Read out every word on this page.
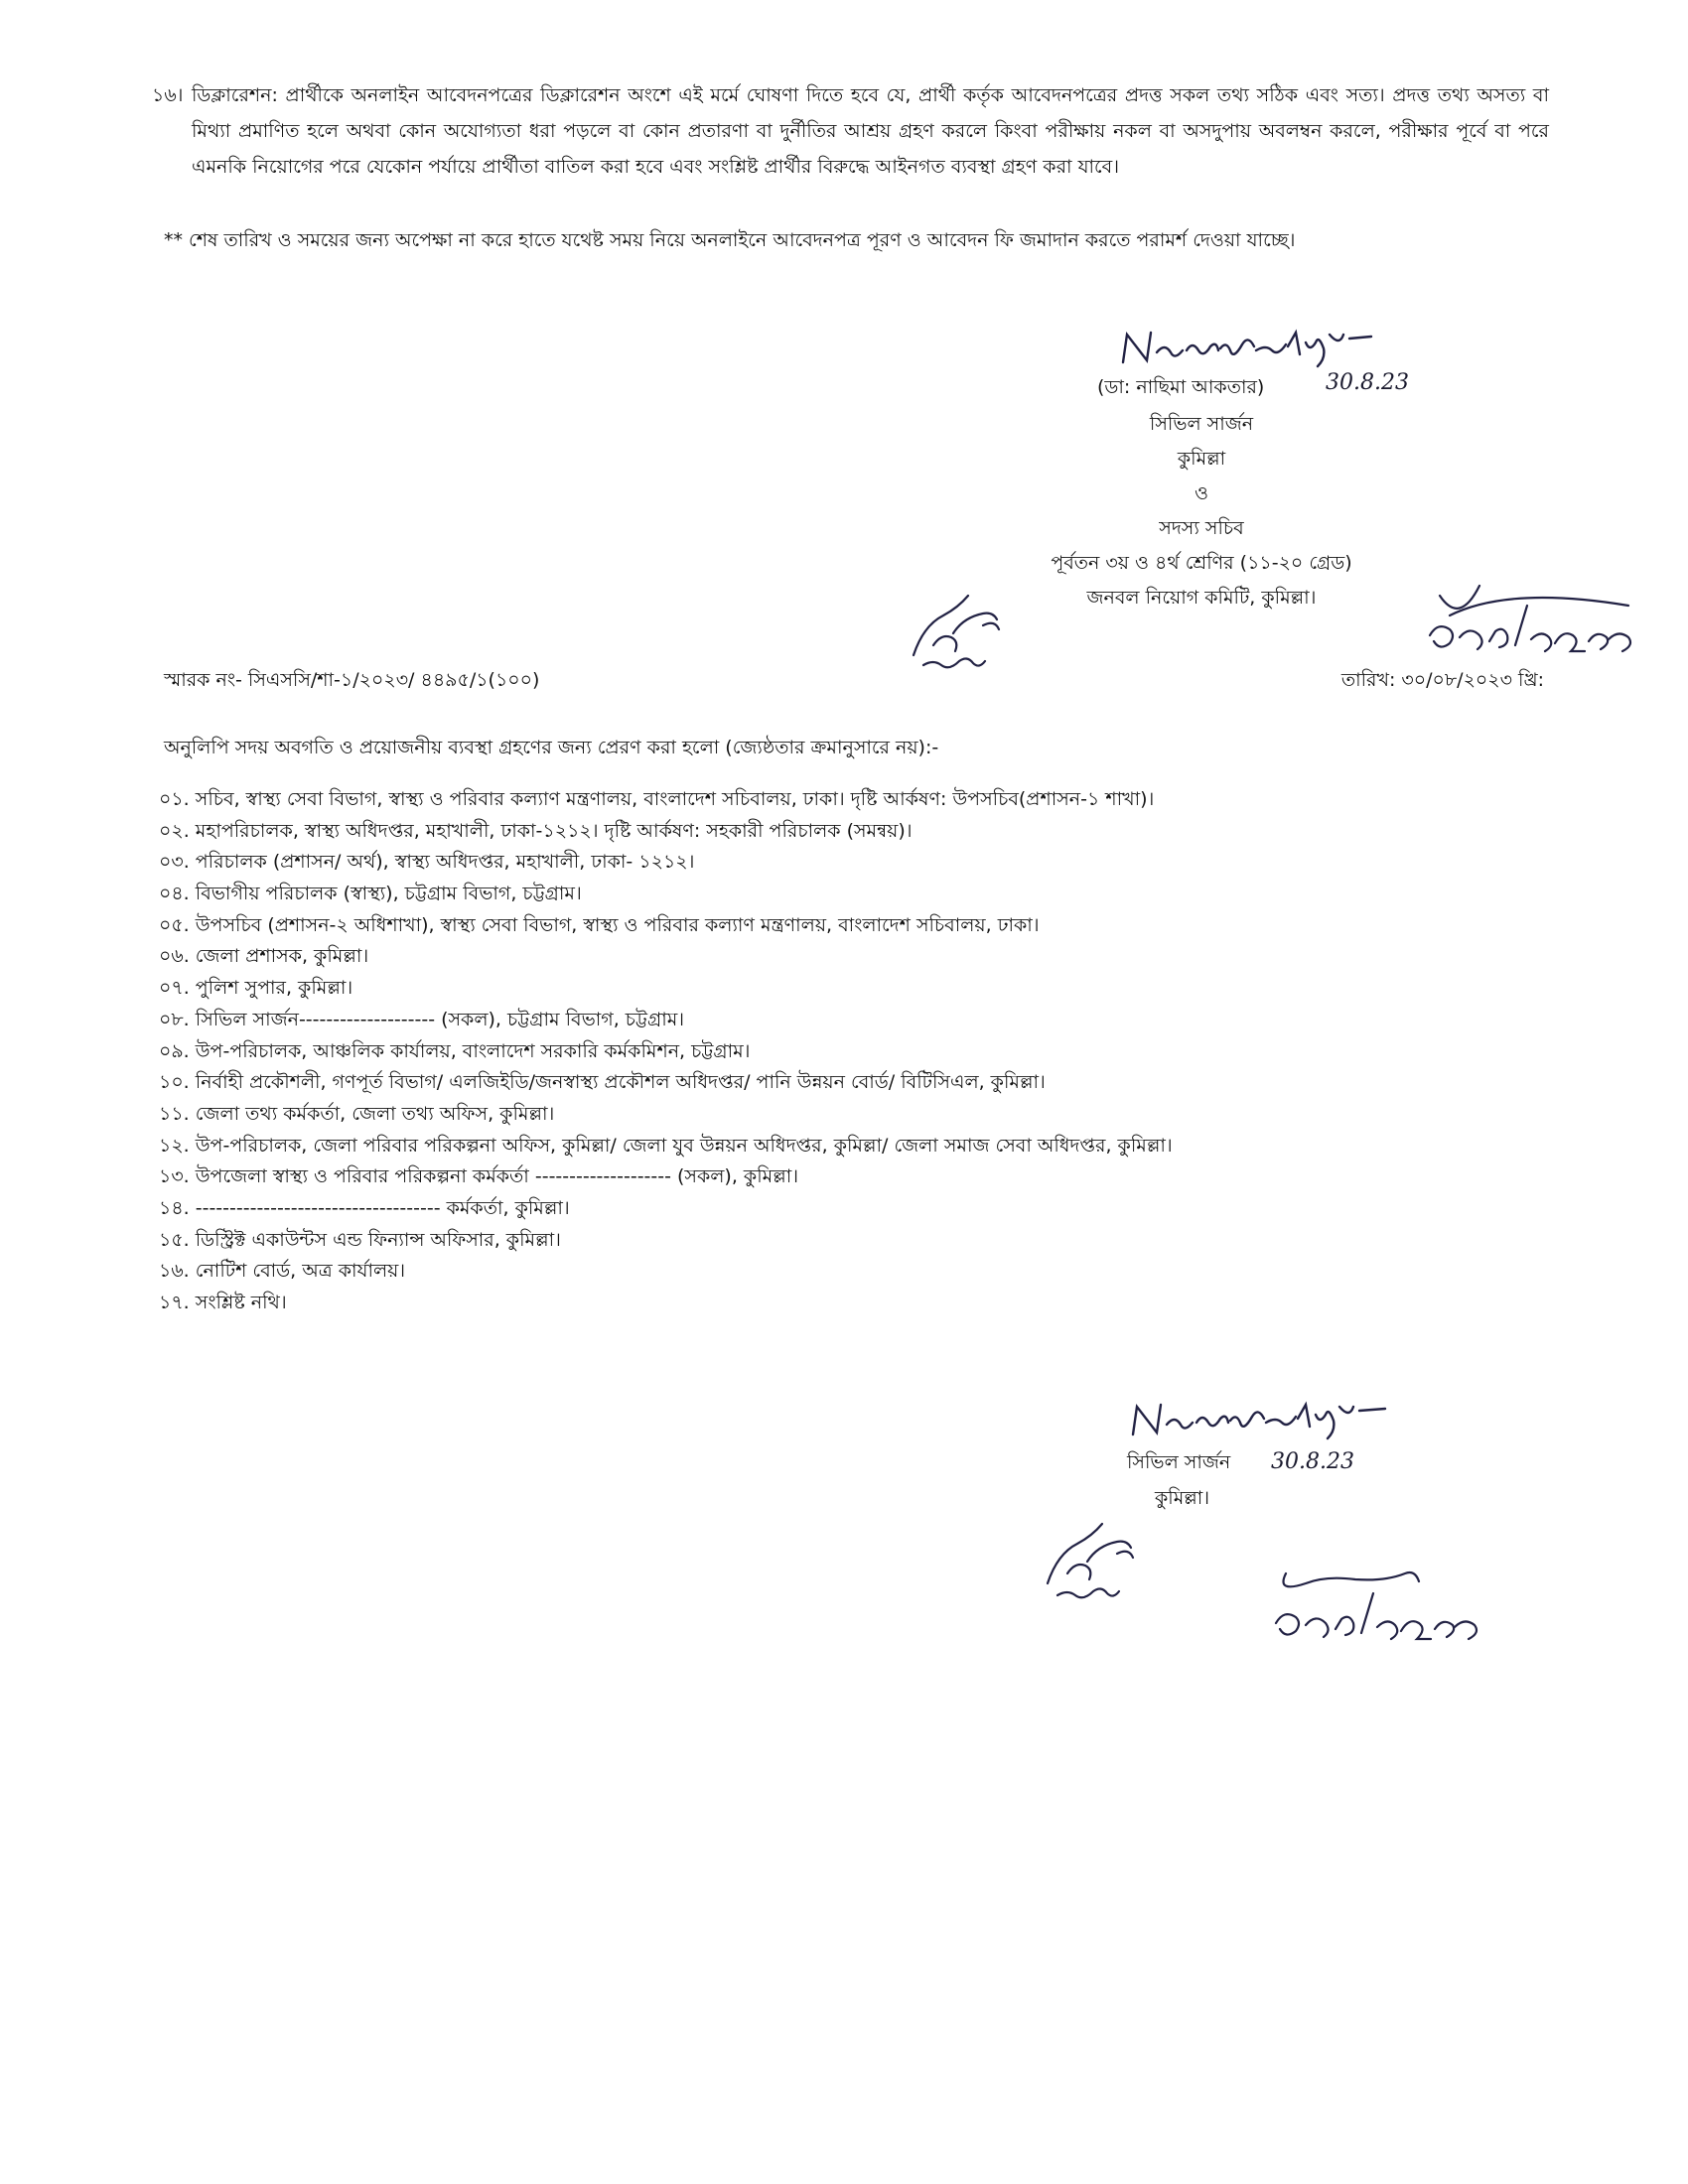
১৬। ডিক্লারেশন: প্রার্থীকে অনলাইন আবেদনপত্রের ডিক্লারেশন অংশে এই মর্মে ঘোষণা দিতে হবে যে, প্রার্থী কর্তৃক আবেদনপত্রের প্রদত্ত সকল তথ্য সঠিক এবং সত্য। প্রদত্ত তথ্য অসত্য বা মিথ্যা প্রমাণিত হলে অথবা কোন অযোগ্যতা ধরা পড়লে বা কোন প্রতারণা বা দুর্নীতির আশ্রয় গ্রহণ করলে কিংবা পরীক্ষায় নকল বা অসদুপায় অবলম্বন করলে, পরীক্ষার পূর্বে বা পরে এমনকি নিয়োগের পরে যেকোন পর্যায়ে প্রার্থীতা বাতিল করা হবে এবং সংশ্লিষ্ট প্রার্থীর বিরুদ্ধে আইনগত ব্যবস্থা গ্রহণ করা যাবে।

** শেষ তারিখ ও সময়ের জন্য অপেক্ষা না করে হাতে যথেষ্ট সময় নিয়ে অনলাইনে আবেদনপত্র পূরণ ও আবেদন ফি জমাদান করতে পরামর্শ দেওয়া যাচ্ছে।

30.8.23
(ডা: নাছিমা আকতার)
সিভিল সার্জন
কুমিল্লা
ও
সদস্য সচিব
পূর্বতন ৩য় ও ৪র্থ শ্রেণির (১১-২০ গ্রেড)
জনবল নিয়োগ কমিটি, কুমিল্লা।
স্মারক নং- সিএসসি/শা-১/২০২৩/ ৪৪৯৫/১(১০০)	তারিখ: ৩০/০৮/২০২৩ খ্রি:
অনুলিপি সদয় অবগতি ও প্রয়োজনীয় ব্যবস্থা গ্রহণের জন্য প্রেরণ করা হলো (জ্যেষ্ঠতার ক্রমানুসারে নয়):-
০১. সচিব, স্বাস্থ্য সেবা বিভাগ, স্বাস্থ্য ও পরিবার কল্যাণ মন্ত্রণালয়, বাংলাদেশ সচিবালয়, ঢাকা। দৃষ্টি আর্কষণ: উপসচিব(প্রশাসন-১ শাখা)।
০২. মহাপরিচালক, স্বাস্থ্য অধিদপ্তর, মহাখালী, ঢাকা-১২১২। দৃষ্টি আর্কষণ: সহকারী পরিচালক (সমন্বয়)।
০৩. পরিচালক (প্রশাসন/ অর্থ), স্বাস্থ্য অধিদপ্তর, মহাখালী, ঢাকা- ১২১২।
০৪. বিভাগীয় পরিচালক (স্বাস্থ্য), চট্টগ্রাম বিভাগ, চট্টগ্রাম।
০৫. উপসচিব (প্রশাসন-২ অধিশাখা), স্বাস্থ্য সেবা বিভাগ, স্বাস্থ্য ও পরিবার কল্যাণ মন্ত্রণালয়, বাংলাদেশ সচিবালয়, ঢাকা।
০৬. জেলা প্রশাসক, কুমিল্লা।
০৭. পুলিশ সুপার, কুমিল্লা।
০৮. সিভিল সার্জন-------------------- (সকল), চট্টগ্রাম বিভাগ, চট্টগ্রাম।
০৯. উপ-পরিচালক, আঞ্চলিক কার্যালয়, বাংলাদেশ সরকারি কর্মকমিশন, চট্টগ্রাম।
১০. নির্বাহী প্রকৌশলী, গণপূর্ত বিভাগ/ এলজিইডি/জনস্বাস্থ্য প্রকৌশল অধিদপ্তর/ পানি উন্নয়ন বোর্ড/ বিটিসিএল, কুমিল্লা।
১১. জেলা তথ্য কর্মকর্তা, জেলা তথ্য অফিস, কুমিল্লা।
১২. উপ-পরিচালক, জেলা পরিবার পরিকল্পনা অফিস, কুমিল্লা/ জেলা যুব উন্নয়ন অধিদপ্তর, কুমিল্লা/ জেলা সমাজ সেবা অধিদপ্তর, কুমিল্লা।
১৩. উপজেলা স্বাস্থ্য ও পরিবার পরিকল্পনা কর্মকর্তা -------------------- (সকল), কুমিল্লা।
১৪. ------------------------------------ কর্মকর্তা, কুমিল্লা।
১৫. ডিস্ট্রিক্ট একাউন্টস এন্ড ফিন্যান্স অফিসার, কুমিল্লা।
১৬. নোটিশ বোর্ড, অত্র কার্যালয়।
১৭. সংশ্লিষ্ট নথি।
সিভিল সার্জন
কুমিল্লা।
30.8.23
